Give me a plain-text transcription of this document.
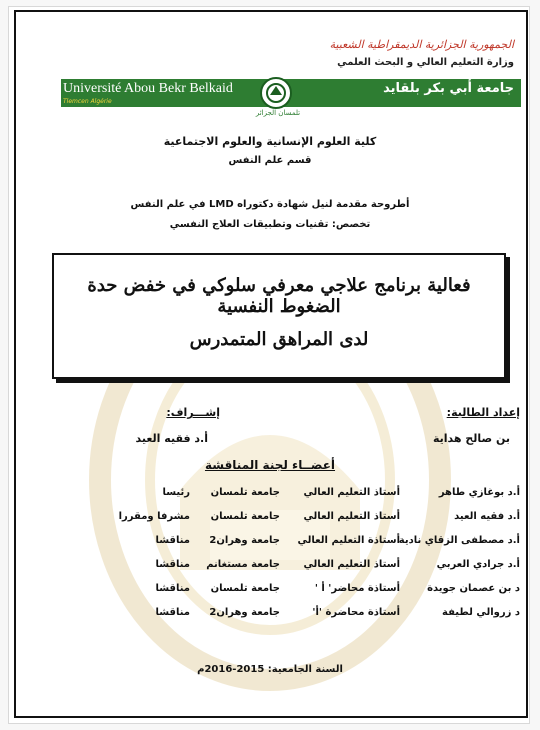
الجمهورية الجزائرية الديمقراطية الشعبية
وزارة التعليم العالي و البحث العلمي
Université Abou Bekr Belkaid
Tlemcen Algérie
جامعة أبي بكر بلقايد
تلمسان الجزائر
كلية العلوم الإنسانية والعلوم الاجتماعية
قسم علم النفس
أطروحة مقدمة لنيل شهادة دكتوراه LMD في علم النفس
تخصص: تقنيات وتطبيقات العلاج النفسي
فعالية برنامج علاجي معرفي سلوكي في خفض حدة الضغوط النفسية
لدى المراهق المتمدرس
إعداد الطالبة:
بن صالح هداية
إشـــراف:
أ.د فقيه العيد
أعضــاء لجنة المناقشة
أ.د بوغازي طاهر
أستاذ التعليم العالي
جامعة تلمسان
رئيسا
أ.د فقيه العيد
أستاذ التعليم العالي
جامعة تلمسان
مشرفا ومقررا
أ.د مصطفى الزقاي نادية
أستاذة التعليم العالي
جامعة وهران2
مناقشا
أ.د جرادي العربي
أستاذ التعليم العالي
جامعة مستغانم
مناقشا
د بن عصمان جويدة
أستاذة محاضر' أ '
جامعة تلمسان
مناقشا
د زروالي لطيفة
أستاذة محاضرة 'أ'
جامعة وهران2
مناقشا
السنة الجامعية: 2015-2016م
